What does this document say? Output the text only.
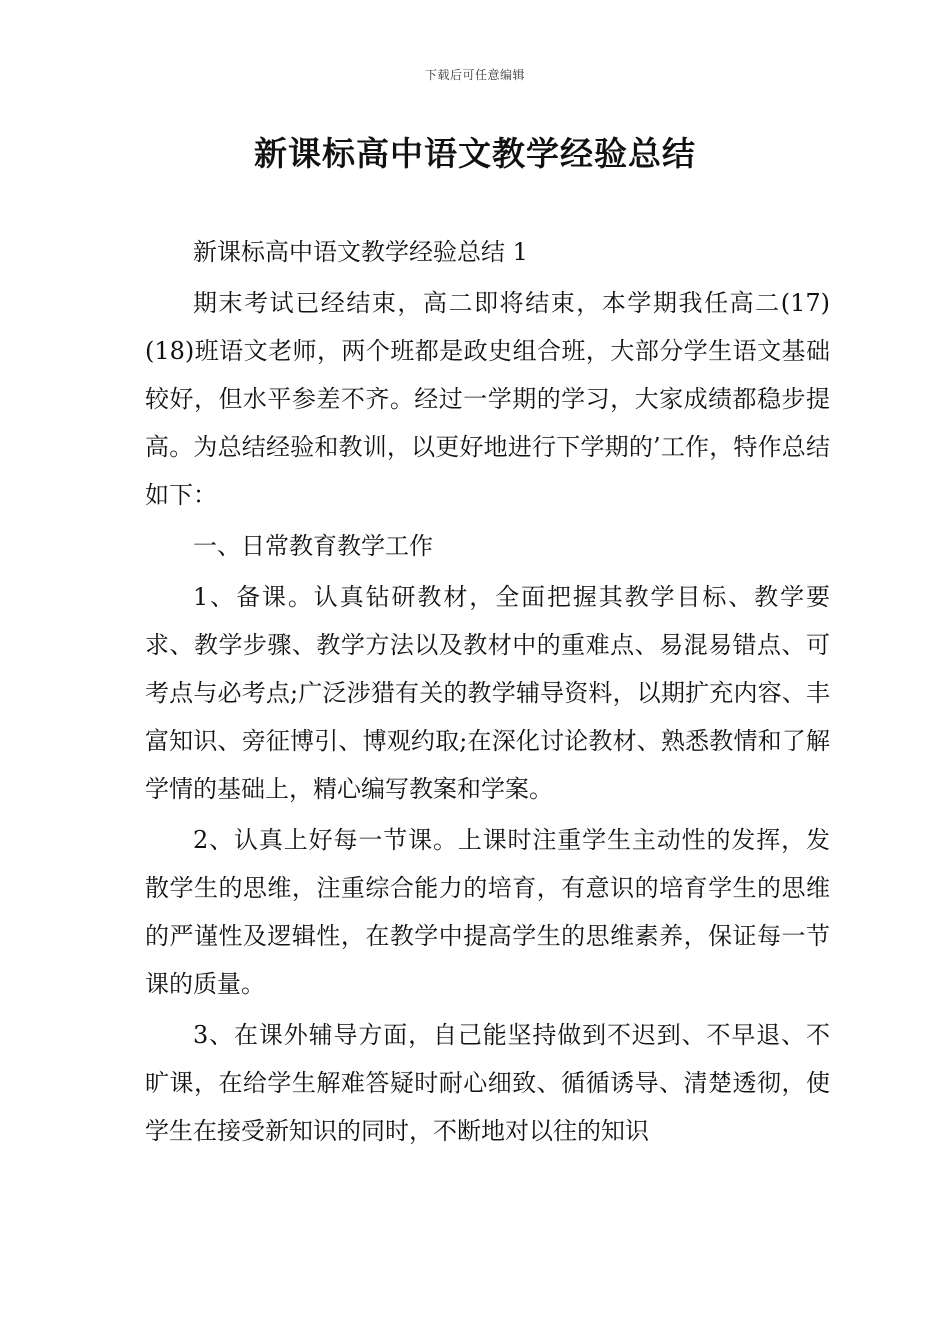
下载后可任意编辑
新课标高中语文教学经验总结

新课标高中语文教学经验总结 1

期末考试已经结束，高二即将结束，本学期我任高二(17)(18)班语文老师，两个班都是政史组合班，大部分学生语文基础较好，但水平参差不齐。经过一学期的学习，大家成绩都稳步提高。为总结经验和教训，以更好地进行下学期的’工作，特作总结如下：

一、日常教育教学工作

1、备课。认真钻研教材，全面把握其教学目标、教学要求、教学步骤、教学方法以及教材中的重难点、易混易错点、可考点与必考点;广泛涉猎有关的教学辅导资料，以期扩充内容、丰富知识、旁征博引、博观约取;在深化讨论教材、熟悉教情和了解学情的基础上，精心编写教案和学案。

2、认真上好每一节课。上课时注重学生主动性的发挥，发散学生的思维，注重综合能力的培育，有意识的培育学生的思维的严谨性及逻辑性，在教学中提高学生的思维素养，保证每一节课的质量。

3、在课外辅导方面，自己能坚持做到不迟到、不早退、不旷课，在给学生解难答疑时耐心细致、循循诱导、清楚透彻，使学生在接受新知识的同时，不断地对以往的知识
